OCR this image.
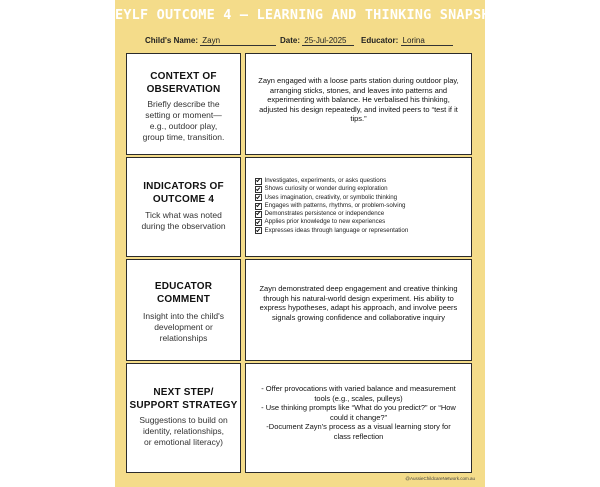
EYLF OUTCOME 4 – LEARNING AND THINKING SNAPSHOT
Child's Name: Zayn	Date: 25-Jul-2025	Educator: Lorina
CONTEXT OF
OBSERVATION
Briefly describe the
setting or moment—
e.g., outdoor play,
group time, transition.
Zayn engaged with a loose parts station during outdoor play, arranging sticks, stones, and leaves into patterns and experimenting with balance. He verbalised his thinking, adjusted his design repeatedly, and invited peers to “test if it tips.”
INDICATORS OF
OUTCOME 4
Tick what was noted
during the observation
Investigates, experiments, or asks questions
Shows curiosity or wonder during exploration
Uses imagination, creativity, or symbolic thinking
Engages with patterns, rhythms, or problem-solving
Demonstrates persistence or independence
Applies prior knowledge to new experiences
Expresses ideas through language or representation
EDUCATOR
COMMENT
Insight into the child's
development or
relationships
Zayn demonstrated deep engagement and creative thinking through his natural-world design experiment. His ability to express hypotheses, adapt his approach, and involve peers signals growing confidence and collaborative inquiry
NEXT STEP/
SUPPORT STRATEGY
Suggestions to build on
identity, relationships,
or emotional literacy)
- Offer provocations with varied balance and measurement
tools (e.g., scales, pulleys)
- Use thinking prompts like “What do you predict?” or “How
could it change?”
-Document Zayn's process as a visual learning story for
class reflection
@AussieChildcareNetwork.com.au
